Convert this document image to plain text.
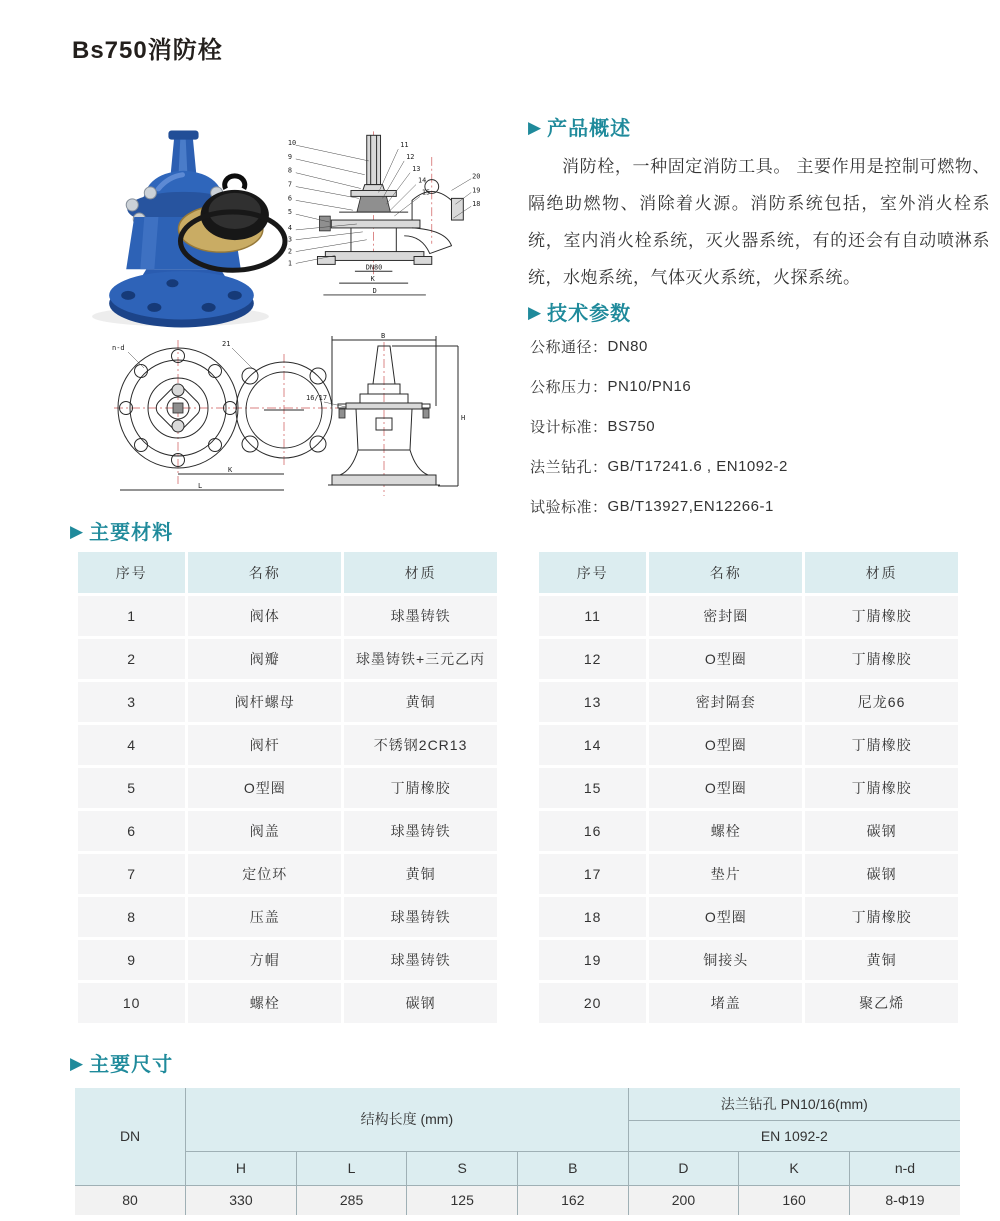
Bs750消防栓
DN80
K
D
10
9
8
7
6
5
4
3
2
1
11
12
13
14
15
20
19
18
n-d	21
K
L
B
H
16/17
▶ 产品概述

消防栓，一种固定消防工具。 主要作用是控制可燃物、隔绝助燃物、消除着火源。消防系统包括，室外消火栓系统，室内消火栓系统，灭火器系统，有的还会有自动喷淋系统，水炮系统，气体灭火系统，火探系统。

▶ 技术参数
公称通径： DN80
公称压力： PN10/PN16
设计标准： BS750
法兰钻孔： GB/T17241.6 , EN1092-2
试验标准： GB/T13927,EN12266-1
▶ 主要材料
序号	名称	材质
1	阀体	球墨铸铁
2	阀瓣	球墨铸铁+三元乙丙
3	阀杆螺母	黄铜
4	阀杆	不锈钢2CR13
5	O型圈	丁腈橡胶
6	阀盖	球墨铸铁
7	定位环	黄铜
8	压盖	球墨铸铁
9	方帽	球墨铸铁
10	螺栓	碳钢
序号	名称	材质
11	密封圈	丁腈橡胶
12	O型圈	丁腈橡胶
13	密封隔套	尼龙66
14	O型圈	丁腈橡胶
15	O型圈	丁腈橡胶
16	螺栓	碳钢
17	垫片	碳钢
18	O型圈	丁腈橡胶
19	铜接头	黄铜
20	堵盖	聚乙烯
▶ 主要尺寸
DN	结构长度 (mm)				法兰钻孔 PN10/16(mm)		
					EN 1092-2		
	H	L	S	B	D	K	n-d
80	330	285	125	162	200	160	8-Φ19
